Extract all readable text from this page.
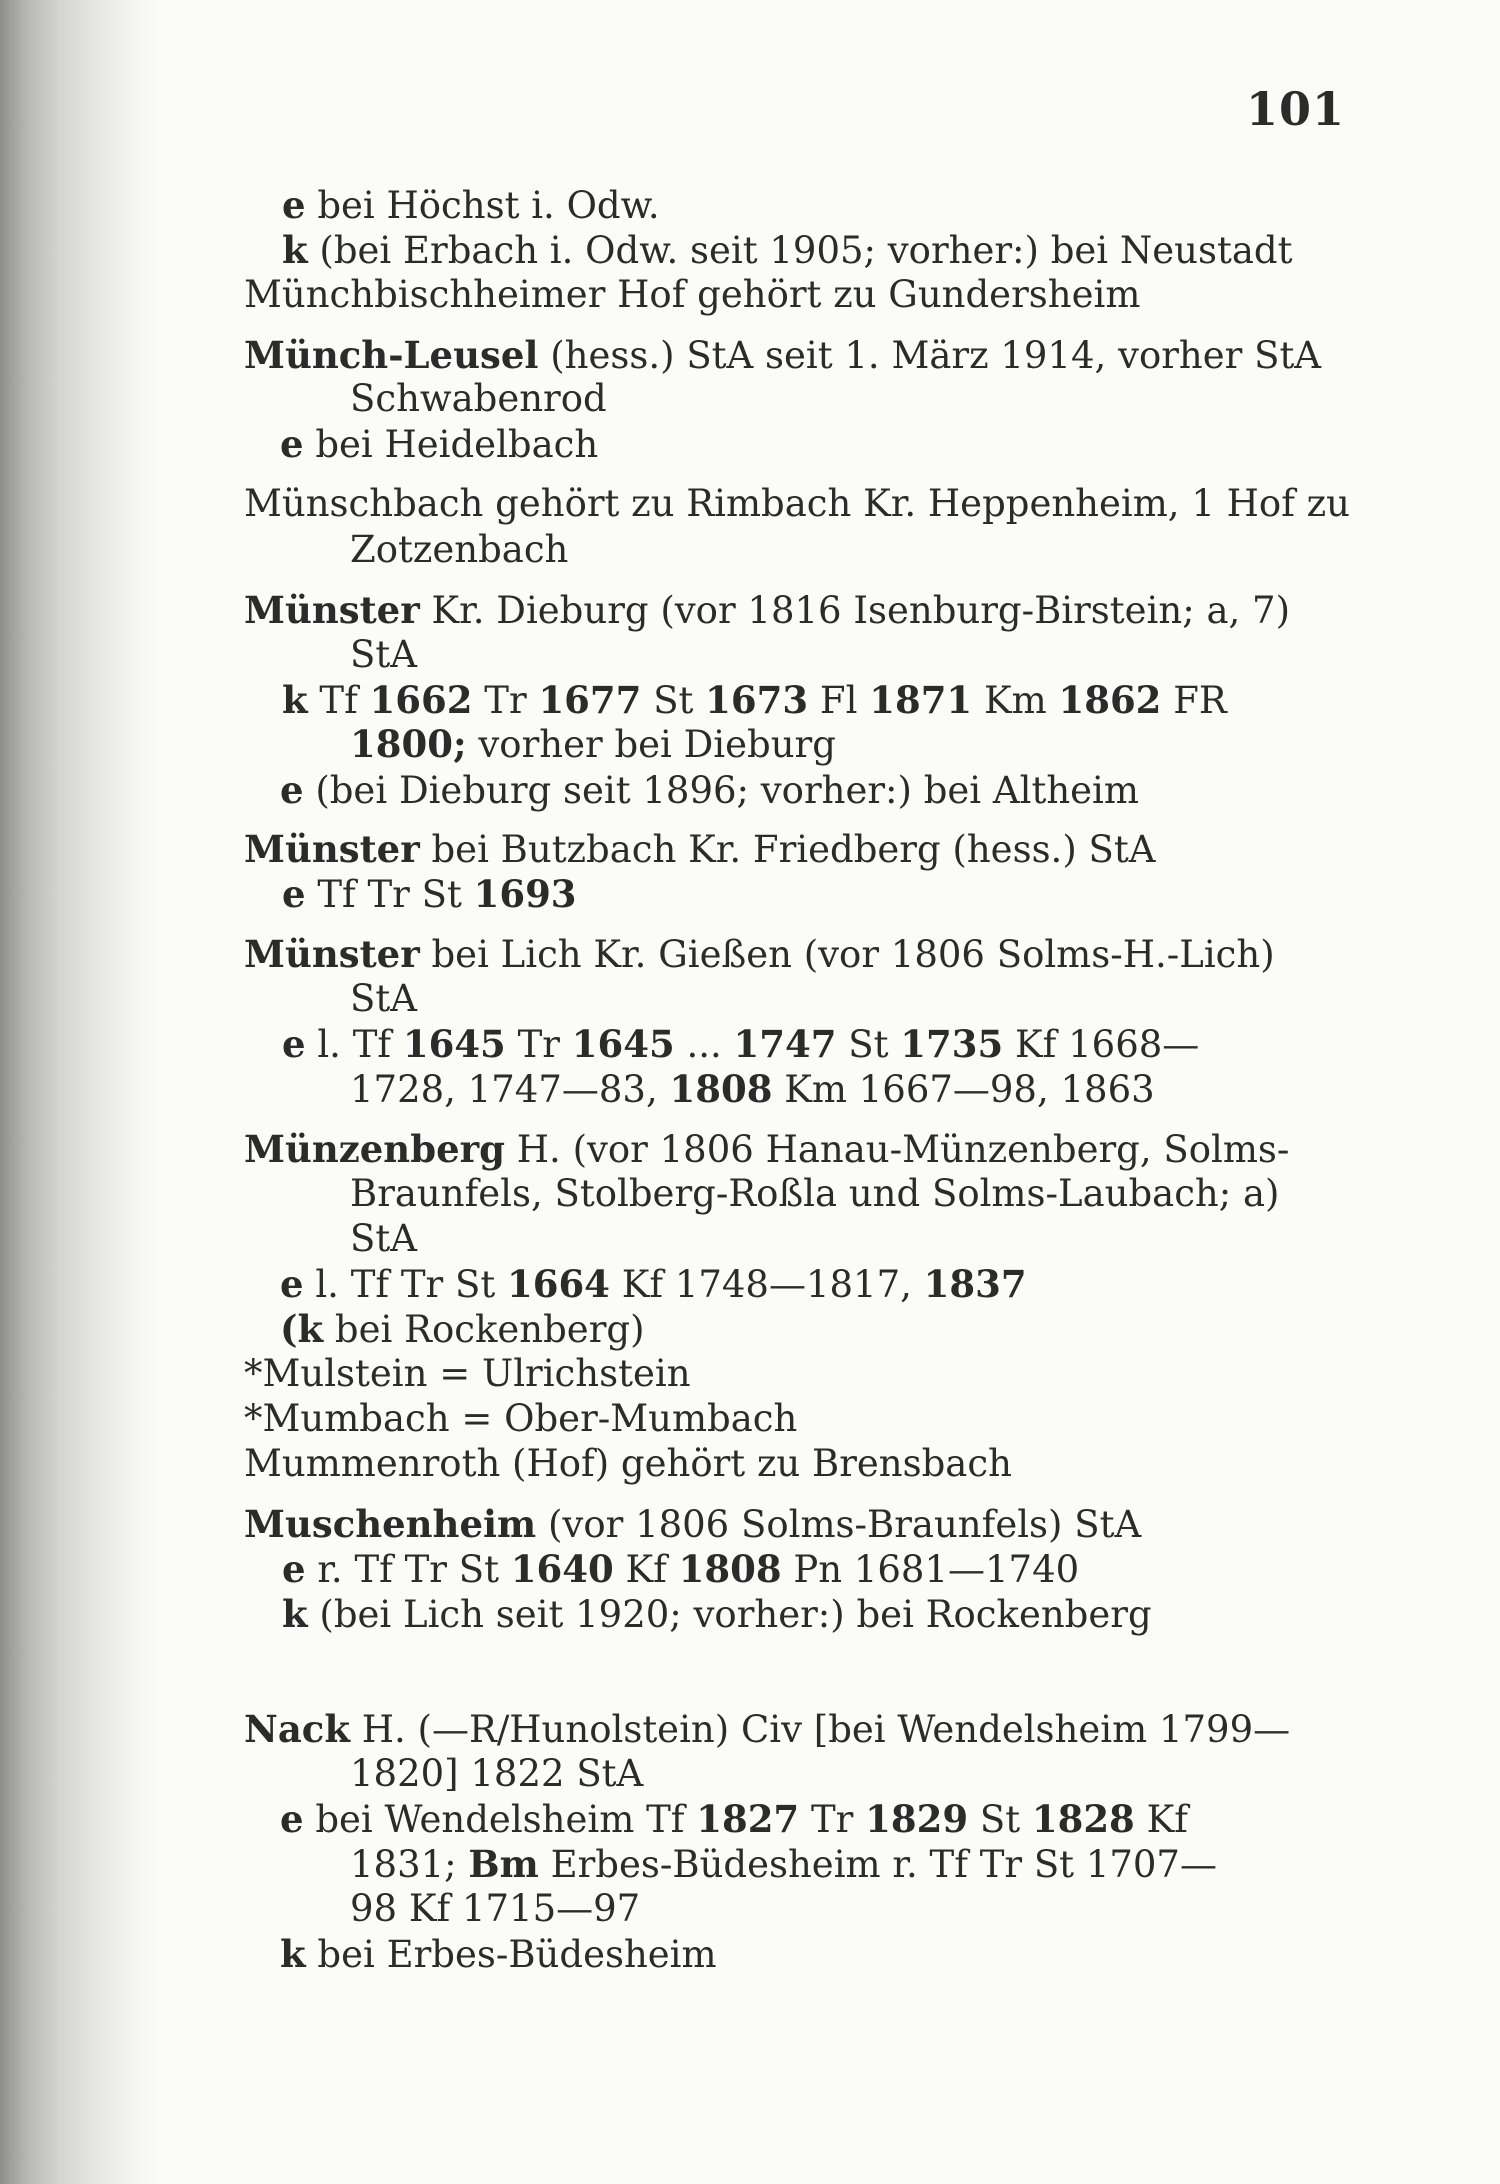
101
e bei Höchst i. Odw.
k (bei Erbach i. Odw. seit 1905; vorher:) bei Neustadt
Münchbischheimer Hof gehört zu Gundersheim
Münch-Leusel (hess.) StA seit 1. März 1914, vorher StA
Schwabenrod
e bei Heidelbach
Münschbach gehört zu Rimbach Kr. Heppenheim, 1 Hof zu
Zotzenbach
Münster Kr. Dieburg (vor 1816 Isenburg-Birstein; a, 7)
StA
k Tf 1662 Tr 1677 St 1673 Fl 1871 Km 1862 FR
1800; vorher bei Dieburg
e (bei Dieburg seit 1896; vorher:) bei Altheim
Münster bei Butzbach Kr. Friedberg (hess.) StA
e Tf Tr St 1693
Münster bei Lich Kr. Gießen (vor 1806 Solms-H.-Lich)
StA
e l. Tf 1645 Tr 1645 ... 1747 St 1735 Kf 1668—
1728, 1747—83, 1808 Km 1667—98, 1863
Münzenberg H. (vor 1806 Hanau-Münzenberg, Solms-
Braunfels, Stolberg-Roßla und Solms-Laubach; a)
StA
e l. Tf Tr St 1664 Kf 1748—1817, 1837
(k bei Rockenberg)
*Mulstein = Ulrichstein
*Mumbach = Ober-Mumbach
Mummenroth (Hof) gehört zu Brensbach
Muschenheim (vor 1806 Solms-Braunfels) StA
e r. Tf Tr St 1640 Kf 1808 Pn 1681—1740
k (bei Lich seit 1920; vorher:) bei Rockenberg
Nack H. (—R/Hunolstein) Civ [bei Wendelsheim 1799—
1820] 1822 StA
e bei Wendelsheim Tf 1827 Tr 1829 St 1828 Kf
1831; Bm Erbes-Büdesheim r. Tf Tr St 1707—
98 Kf 1715—97
k bei Erbes-Büdesheim
